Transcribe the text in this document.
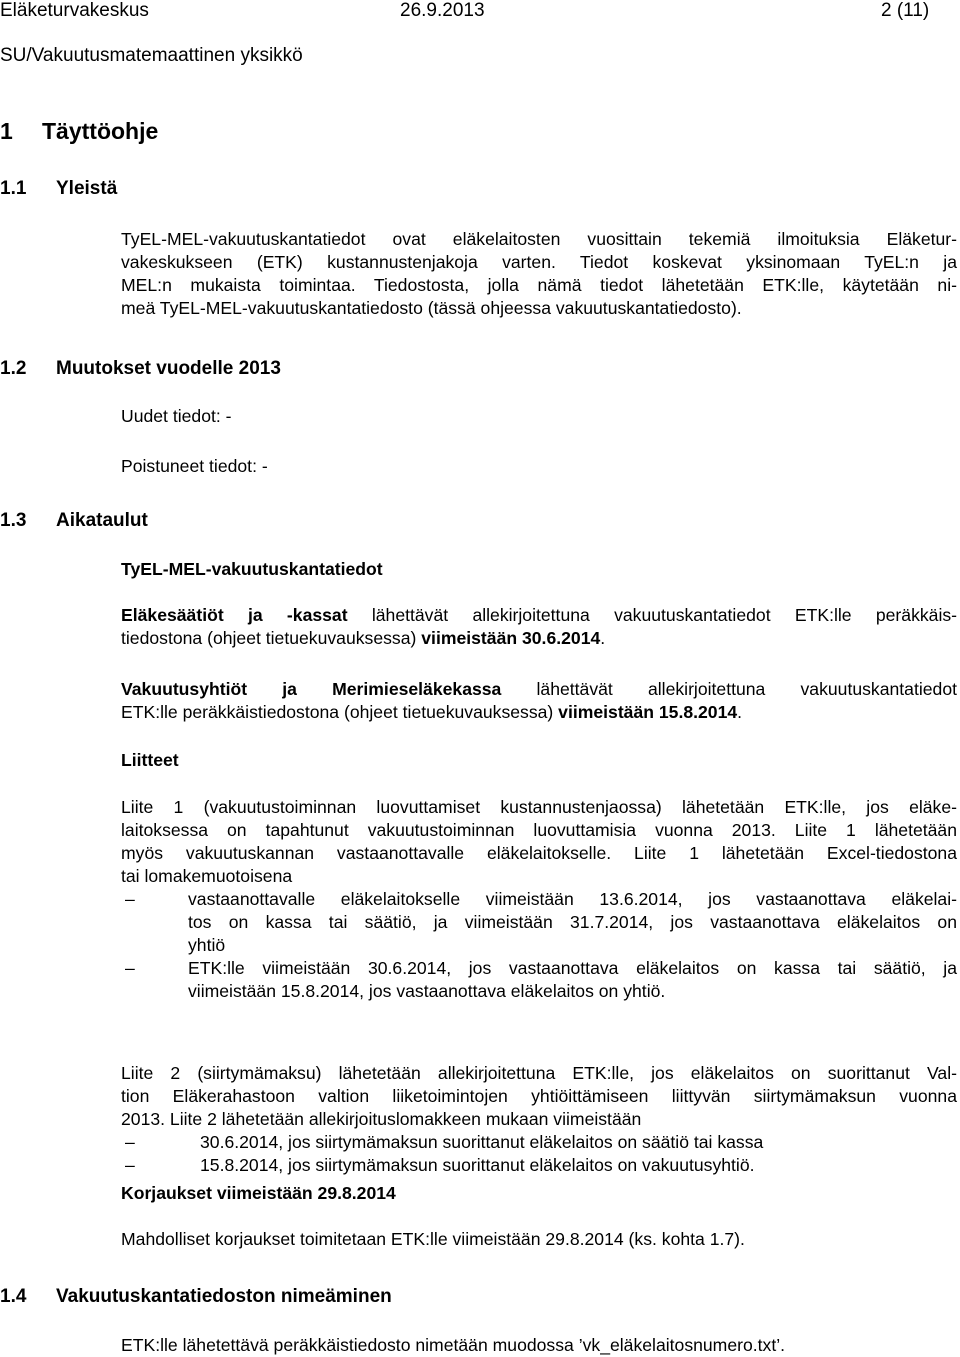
Eläketurvakeskus	26.9.2013	2 (11)
SU/Vakuutusmatemaattinen yksikkö
1 Täyttöohje
1.1 Yleistä
TyEL-MEL-vakuutuskantatiedot ovat eläkelaitosten vuosittain tekemiä ilmoituksia Eläketur-
vakeskukseen (ETK) kustannustenjakoja varten. Tiedot koskevat yksinomaan TyEL:n ja
MEL:n mukaista toimintaa. Tiedostosta, jolla nämä tiedot lähetetään ETK:lle, käytetään ni-
meä TyEL-MEL-vakuutuskantatiedosto (tässä ohjeessa vakuutuskantatiedosto).
1.2 Muutokset vuodelle 2013
Uudet tiedot: -
Poistuneet tiedot: -
1.3 Aikataulut
TyEL-MEL-vakuutuskantatiedot
Eläkesäätiöt ja -kassat lähettävät allekirjoitettuna vakuutuskantatiedot ETK:lle peräkkäis-
tiedostona (ohjeet tietuekuvauksessa) viimeistään 30.6.2014.
Vakuutusyhtiöt ja Merimieseläkekassa lähettävät allekirjoitettuna vakuutuskantatiedot
ETK:lle peräkkäistiedostona (ohjeet tietuekuvauksessa) viimeistään 15.8.2014.
Liitteet
Liite 1 (vakuutustoiminnan luovuttamiset kustannustenjaossa) lähetetään ETK:lle, jos eläke-
laitoksessa on tapahtunut vakuutustoiminnan luovuttamisia vuonna 2013. Liite 1 lähetetään
myös vakuutuskannan vastaanottavalle eläkelaitokselle. Liite 1 lähetetään Excel-tiedostona
tai lomakemuotoisena
–	vastaanottavalle eläkelaitokselle viimeistään 13.6.2014, jos vastaanottava eläkelai-
tos on kassa tai säätiö, ja viimeistään 31.7.2014, jos vastaanottava eläkelaitos on
yhtiö
–	ETK:lle viimeistään 30.6.2014, jos vastaanottava eläkelaitos on kassa tai säätiö, ja
viimeistään 15.8.2014, jos vastaanottava eläkelaitos on yhtiö.
Liite 2 (siirtymämaksu) lähetetään allekirjoitettuna ETK:lle, jos eläkelaitos on suorittanut Val-
tion Eläkerahastoon valtion liiketoimintojen yhtiöittämiseen liittyvän siirtymämaksun vuonna
2013. Liite 2 lähetetään allekirjoituslomakkeen mukaan viimeistään
–	30.6.2014, jos siirtymämaksun suorittanut eläkelaitos on säätiö tai kassa
–	15.8.2014, jos siirtymämaksun suorittanut eläkelaitos on vakuutusyhtiö.
Korjaukset viimeistään 29.8.2014
Mahdolliset korjaukset toimitetaan ETK:lle viimeistään 29.8.2014 (ks. kohta 1.7).
1.4 Vakuutuskantatiedoston nimeäminen
ETK:lle lähetettävä peräkkäistiedosto nimetään muodossa ’vk_eläkelaitosnumero.txt’.
